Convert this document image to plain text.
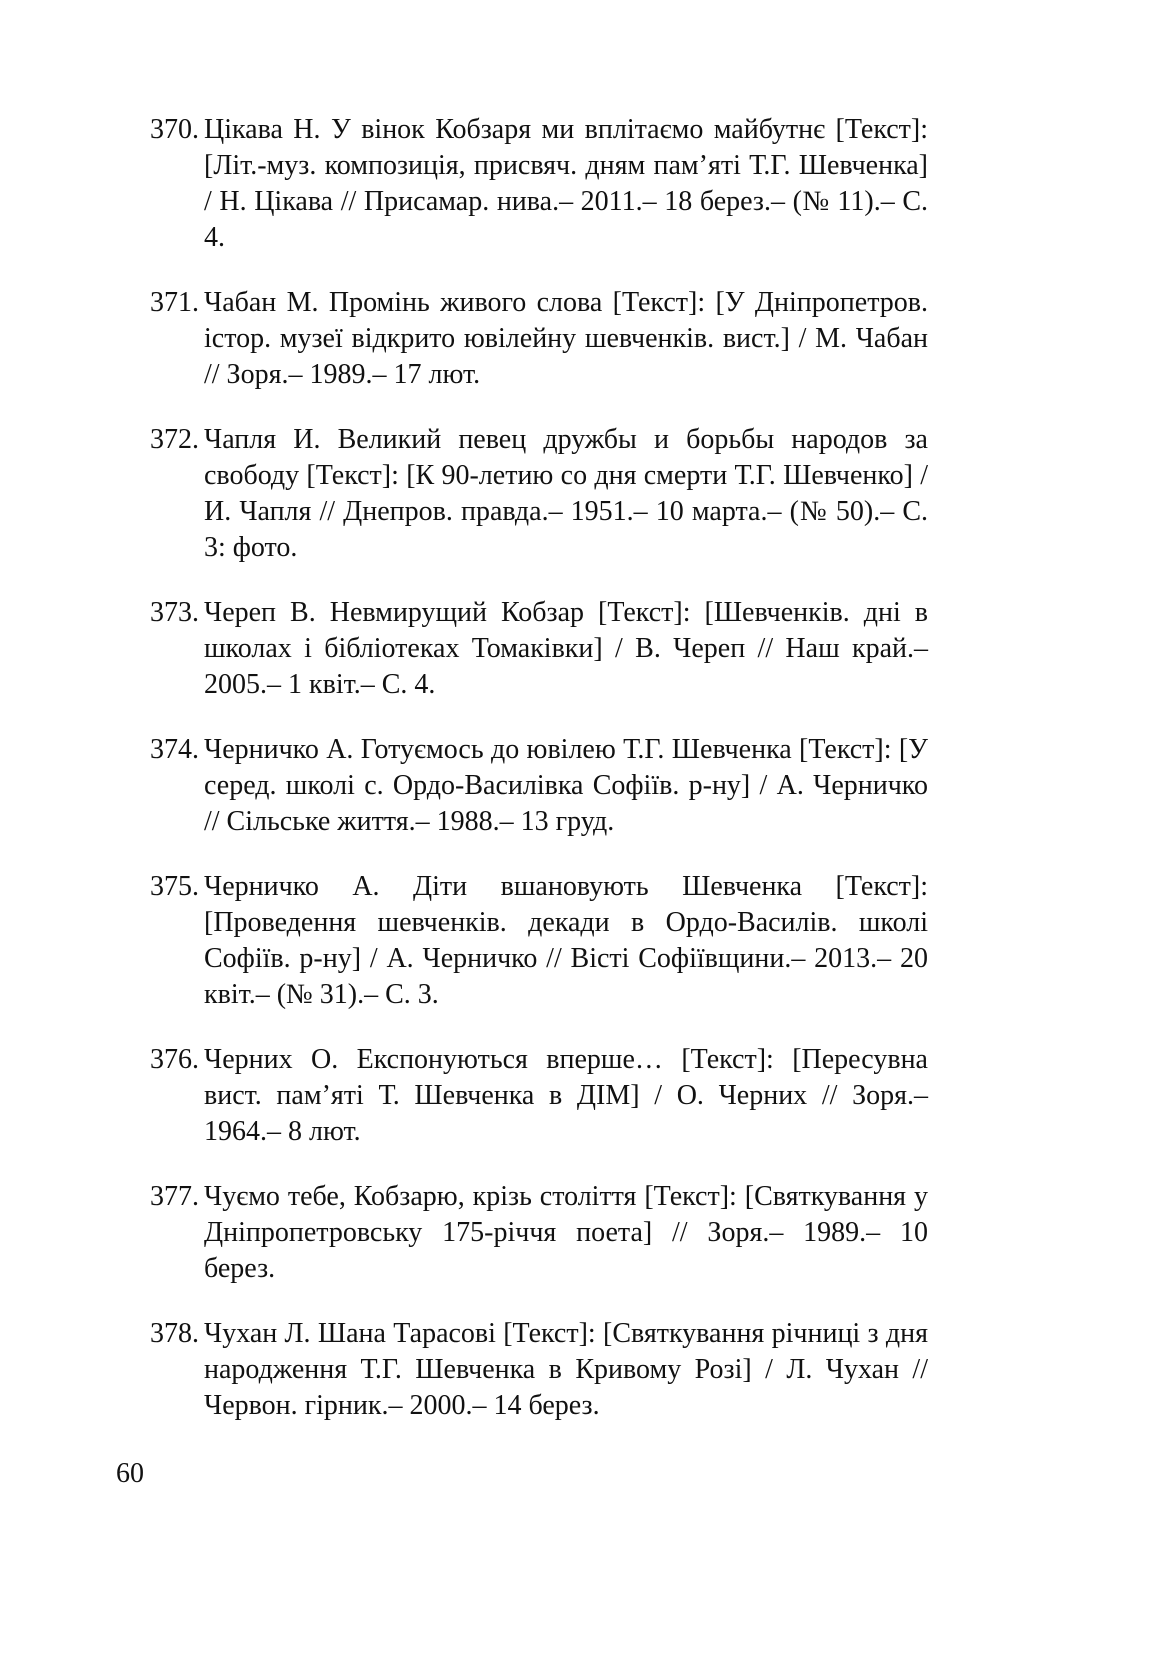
370. Цікава Н. У вінок Кобзаря ми вплітаємо майбутнє [Текст]: [Літ.-муз. композиція, присвяч. дням пам’яті Т.Г. Шевченка] / Н. Цікава // Присамар. нива.– 2011.– 18 берез.– (№ 11).– С. 4.
371. Чабан М. Промінь живого слова [Текст]: [У Дніпропетров. істор. музеї відкрито ювілейну шевченків. вист.] / М. Чабан // Зоря.– 1989.– 17 лют.
372. Чапля И. Великий певец дружбы и борьбы народов за свободу [Текст]: [К 90-летию со дня смерти Т.Г. Шевченко] / И. Чапля // Днепров. правда.– 1951.– 10 марта.– (№ 50).– С. 3: фото.
373. Череп В. Невмирущий Кобзар [Текст]: [Шевченків. дні в школах і бібліотеках Томаківки] / В. Череп // Наш край.– 2005.– 1 квіт.– С. 4.
374. Черничко А. Готуємось до ювілею Т.Г. Шевченка [Текст]: [У серед. школі с. Ордо-Василівка Софіїв. р-ну] / А. Черничко // Сільське життя.– 1988.– 13 груд.
375. Черничко А. Діти вшановують Шевченка [Текст]: [Проведення шевченків. декади в Ордо-Василів. школі Софіїв. р-ну] / А. Черничко // Вісті Софіївщини.– 2013.– 20 квіт.– (№ 31).– С. 3.
376. Черних О. Експонуються вперше… [Текст]: [Пересувна вист. пам’яті Т. Шевченка в ДІМ] / О. Черних // Зоря.– 1964.– 8 лют.
377. Чуємо тебе, Кобзарю, крізь століття [Текст]: [Святкування у Дніпропетровську 175-річчя поета] // Зоря.– 1989.– 10 берез.
378. Чухан Л. Шана Тарасові [Текст]: [Святкування річниці з дня народження Т.Г. Шевченка в Кривому Розі] / Л. Чухан // Червон. гірник.– 2000.– 14 берез.
60
